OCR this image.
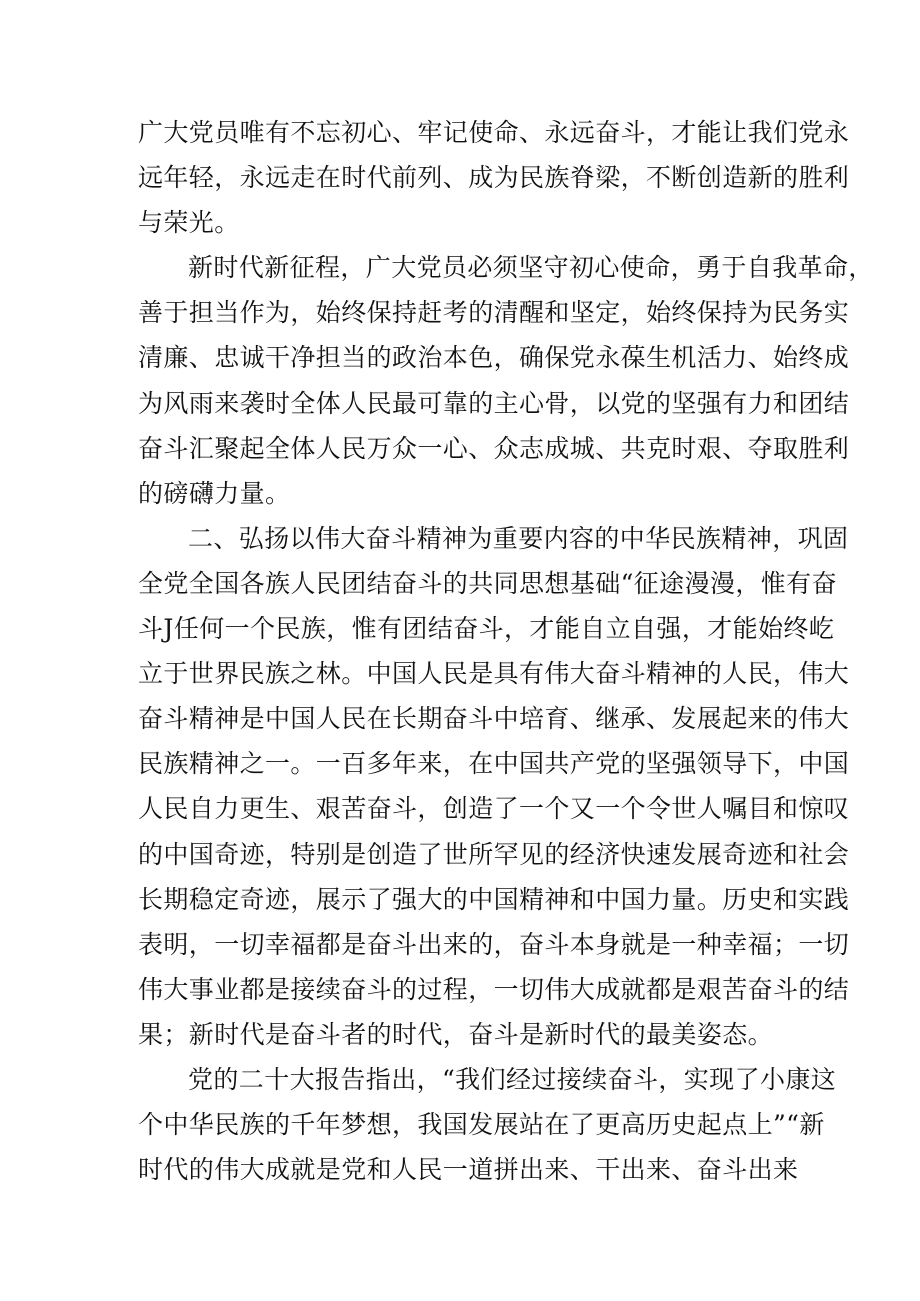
广大党员唯有不忘初心、牢记使命、永远奋斗，才能让我们党永
远年轻，永远走在时代前列、成为民族脊梁，不断创造新的胜利
与荣光。
新时代新征程，广大党员必须坚守初心使命，勇于自我革命，
善于担当作为，始终保持赶考的清醒和坚定，始终保持为民务实
清廉、忠诚干净担当的政治本色，确保党永葆生机活力、始终成
为风雨来袭时全体人民最可靠的主心骨，以党的坚强有力和团结
奋斗汇聚起全体人民万众一心、众志成城、共克时艰、夺取胜利
的磅礴力量。
二、弘扬以伟大奋斗精神为重要内容的中华民族精神，巩固
全党全国各族人民团结奋斗的共同思想基础“征途漫漫，惟有奋
斗J任何一个民族，惟有团结奋斗，才能自立自强，才能始终屹
立于世界民族之林。中国人民是具有伟大奋斗精神的人民，伟大
奋斗精神是中国人民在长期奋斗中培育、继承、发展起来的伟大
民族精神之一。一百多年来，在中国共产党的坚强领导下，中国
人民自力更生、艰苦奋斗，创造了一个又一个令世人嘱目和惊叹
的中国奇迹，特别是创造了世所罕见的经济快速发展奇迹和社会
长期稳定奇迹，展示了强大的中国精神和中国力量。历史和实践
表明，一切幸福都是奋斗出来的，奋斗本身就是一种幸福；一切
伟大事业都是接续奋斗的过程，一切伟大成就都是艰苦奋斗的结
果；新时代是奋斗者的时代，奋斗是新时代的最美姿态。
党的二十大报告指出，“我们经过接续奋斗，实现了小康这
个中华民族的千年梦想，我国发展站在了更高历史起点上”“新
时代的伟大成就是党和人民一道拼出来、干出来、奋斗出来
